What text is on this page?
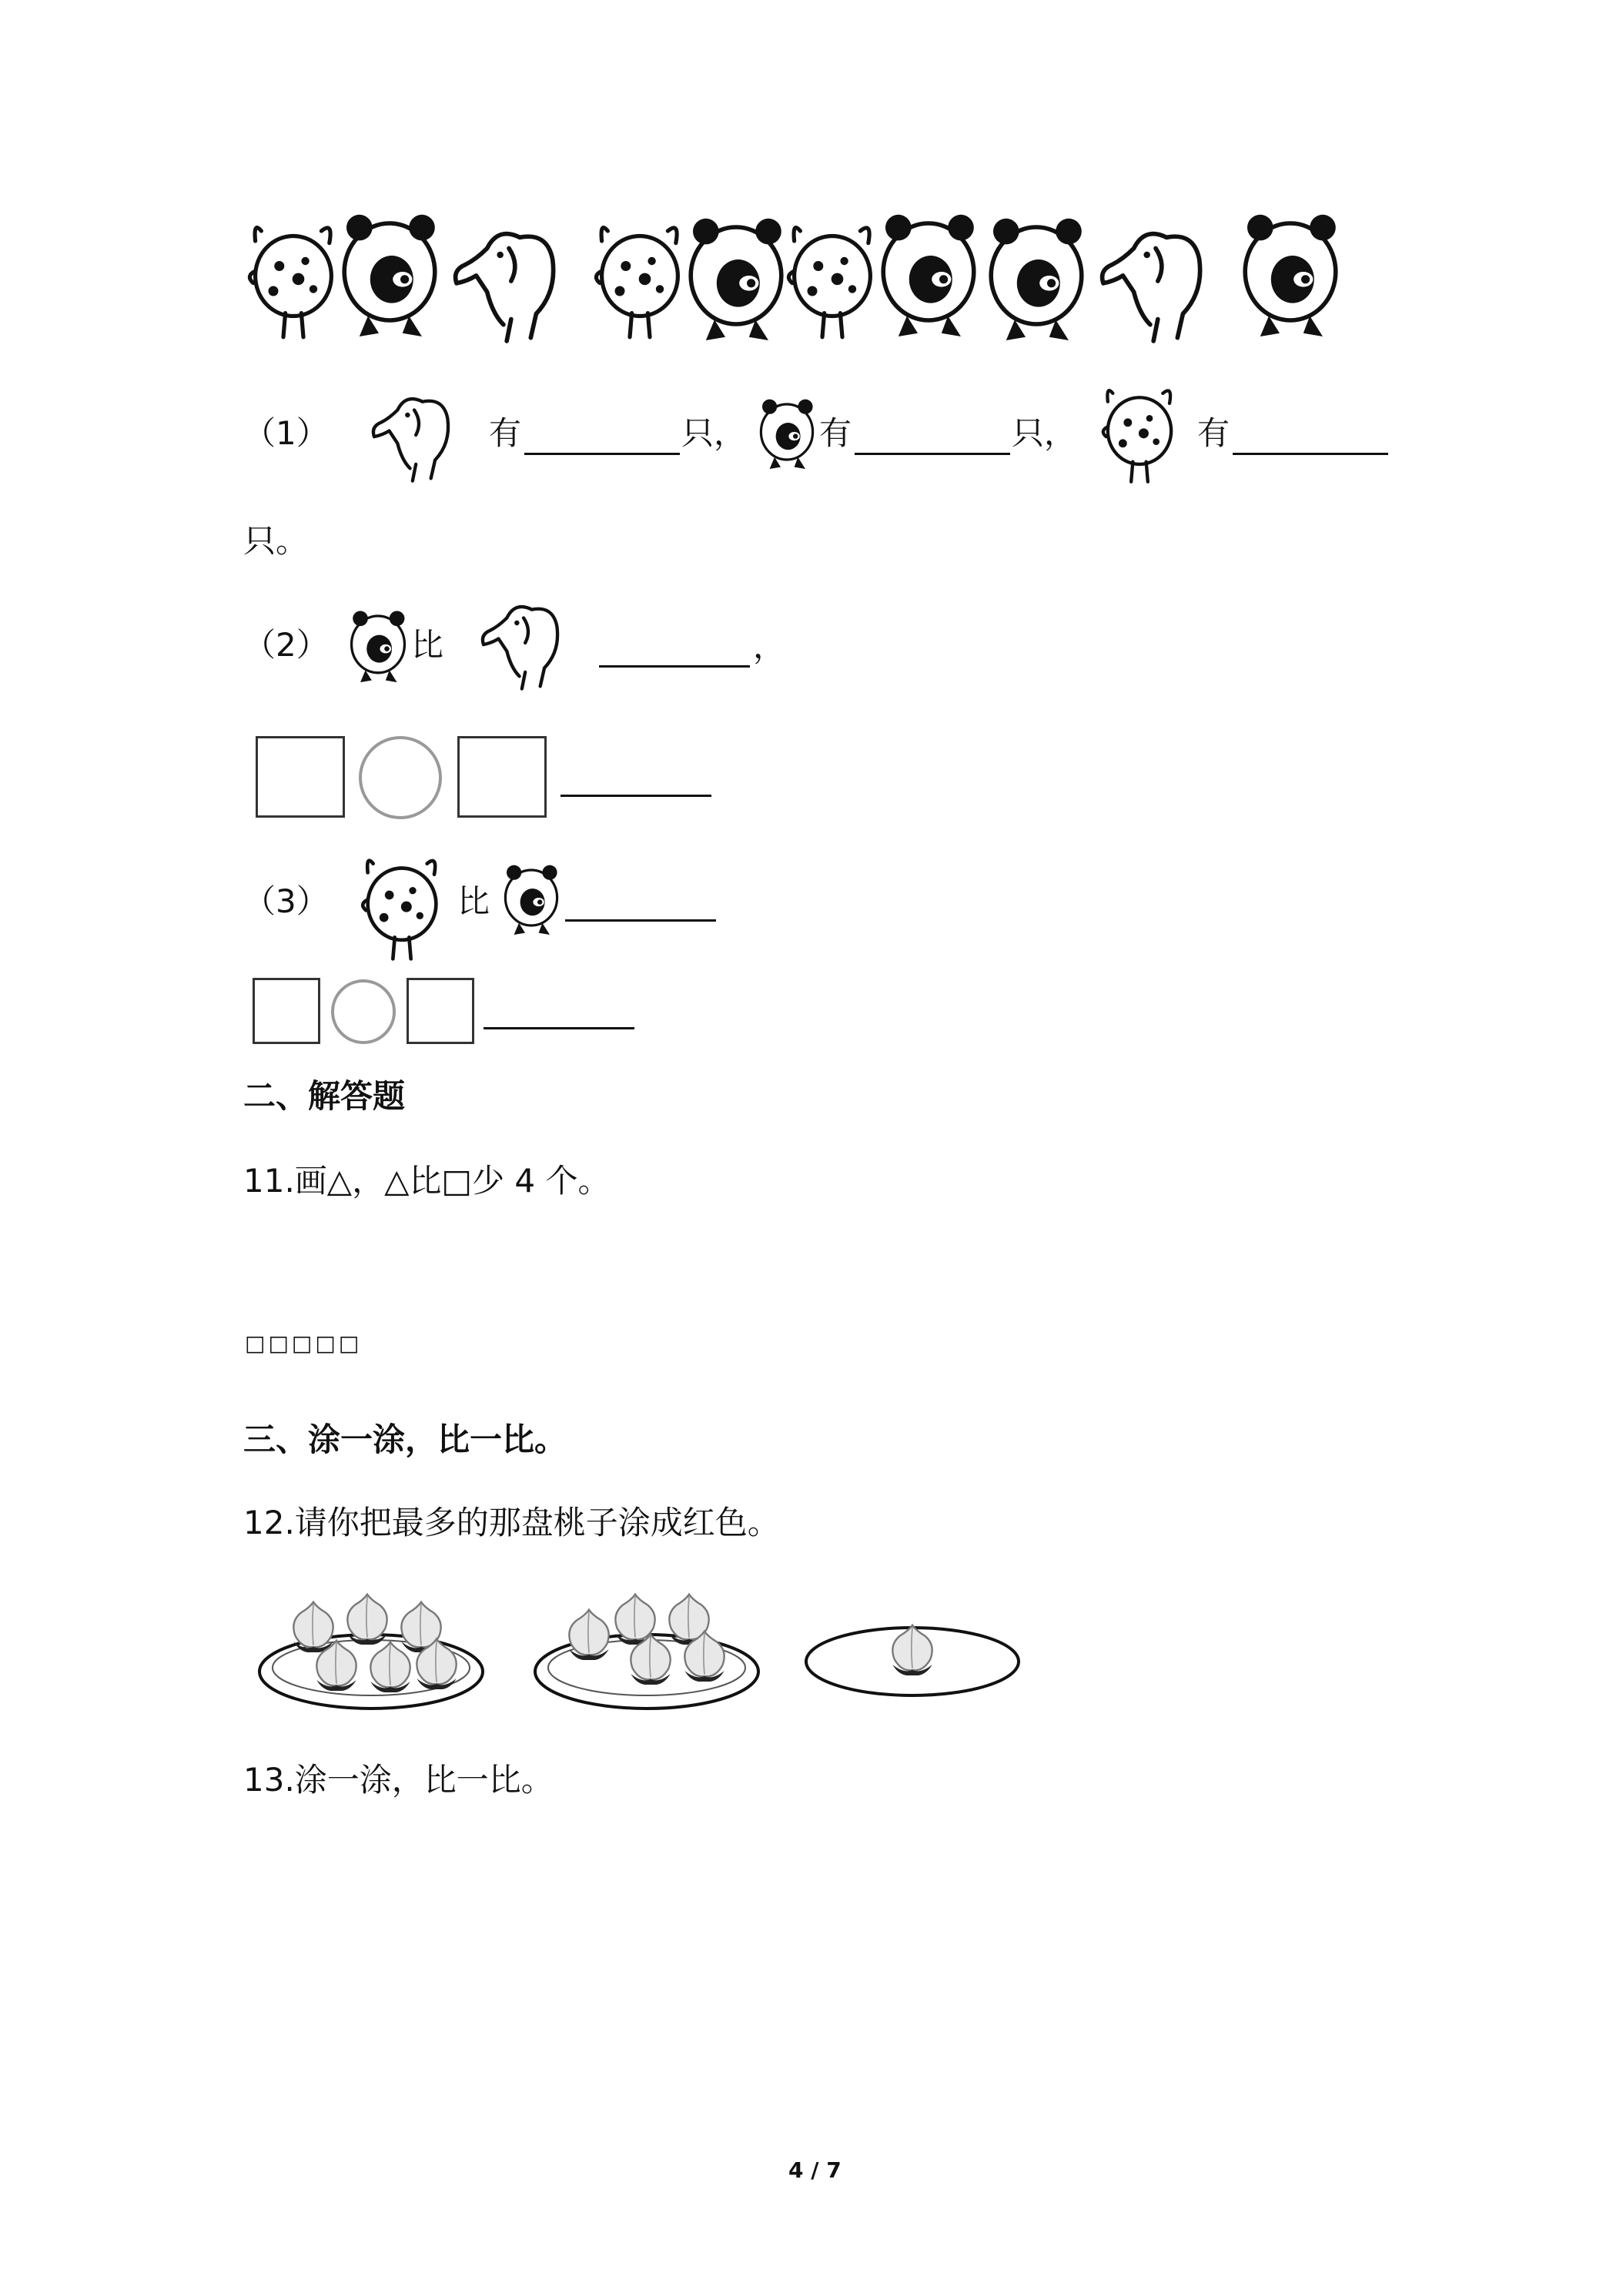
（1）	有	只， 有	只，	有
只。
（2）	比	，
（3）	比
二、解答题
11.画△，△比□少 4 个。
□□□□□
三、涂一涂，比一比。
12.请你把最多的那盘桃子涂成红色。
13.涂一涂，比一比。
4 / 7
